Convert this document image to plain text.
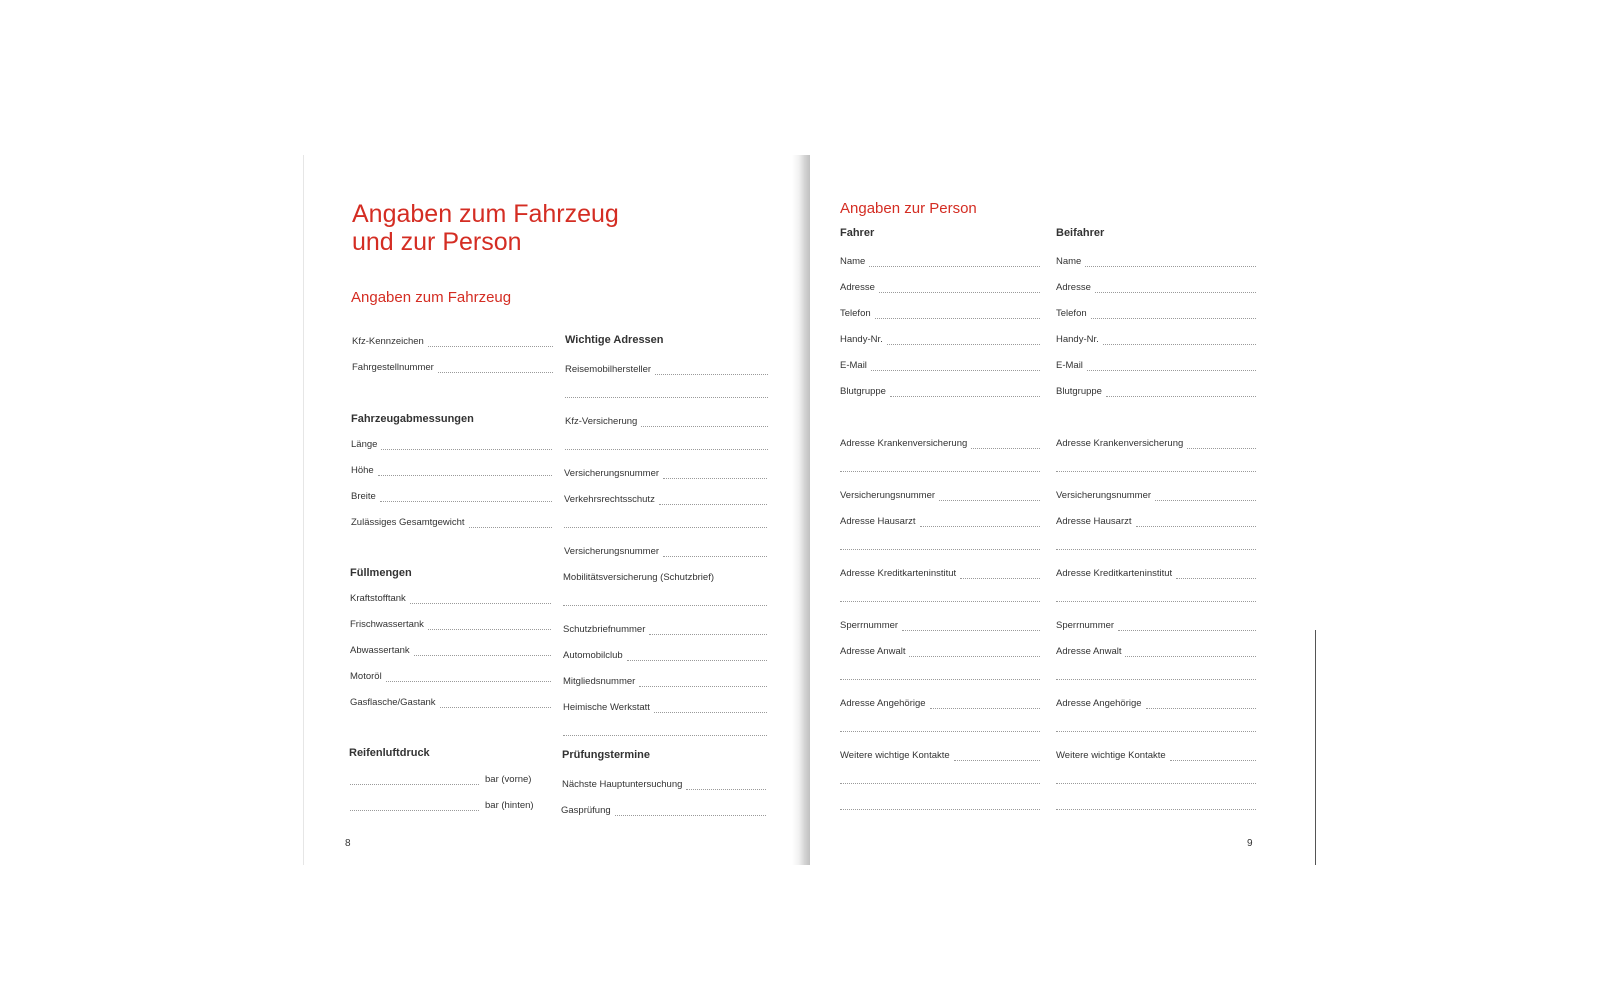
Angaben zum Fahrzeug
und zur Person
Angaben zum Fahrzeug
Kfz-Kennzeichen
Fahrgestellnummer
Fahrzeugabmessungen
Länge
Höhe
Breite
Zulässiges Gesamtgewicht
Füllmengen
Kraftstofftank
Frischwassertank
Abwassertank
Motoröl
Gasflasche/Gastank
Reifenluftdruck
bar (vorne)
bar (hinten)
8
Wichtige Adressen
Reisemobilhersteller
Kfz-Versicherung
Versicherungsnummer
Verkehrsrechtsschutz
Versicherungsnummer
Mobilitätsversicherung (Schutzbrief)
Schutzbriefnummer
Automobilclub
Mitgliedsnummer
Heimische Werkstatt
Prüfungstermine
Nächste Hauptuntersuchung
Gasprüfung
Angaben zur Person
Fahrer	Beifahrer
Name
Adresse
Telefon
Handy-Nr.
E-Mail
Blutgruppe
Adresse Krankenversicherung
Versicherungsnummer
Adresse Hausarzt
Adresse Kreditkarteninstitut
Sperrnummer
Adresse Anwalt
Adresse Angehörige
Weitere wichtige Kontakte
Name
Adresse
Telefon
Handy-Nr.
E-Mail
Blutgruppe
Adresse Krankenversicherung
Versicherungsnummer
Adresse Hausarzt
Adresse Kreditkarteninstitut
Sperrnummer
Adresse Anwalt
Adresse Angehörige
Weitere wichtige Kontakte
9
